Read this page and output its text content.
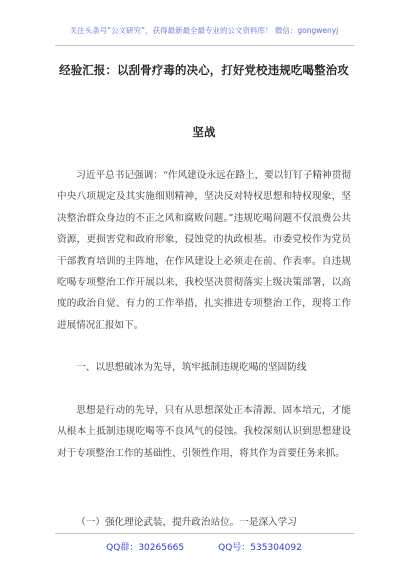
关注头条号“公文研究”，获得最新最全最专业的公文资料库！ 微信：gongwenyj
经验汇报：以刮骨疗毒的决心，打好党校违规吃喝整治攻
坚战

习近平总书记强调：“作风建设永远在路上，要以钉钉子精神贯彻中央八项规定及其实施细则精神，坚决反对特权思想和特权现象，坚决整治群众身边的不正之风和腐败问题。”违规吃喝问题不仅浪费公共资源，更损害党和政府形象，侵蚀党的执政根基。市委党校作为党员干部教育培训的主阵地，在作风建设上必须走在前、作表率。自违规吃喝专项整治工作开展以来，我校坚决贯彻落实上级决策部署，以高度的政治自觉、有力的工作举措，扎实推进专项整治工作，现将工作进展情况汇报如下。

一、以思想破冰为先导，筑牢抵制违规吃喝的坚固防线

思想是行动的先导，只有从思想深处正本清源、固本培元，才能从根本上抵制违规吃喝等不良风气的侵蚀。我校深刻认识到思想建设对于专项整治工作的基础性、引领性作用，将其作为首要任务来抓。

（一）强化理论武装，提升政治站位。一是深入学习

QQ群：30265665	QQ号：535304092
